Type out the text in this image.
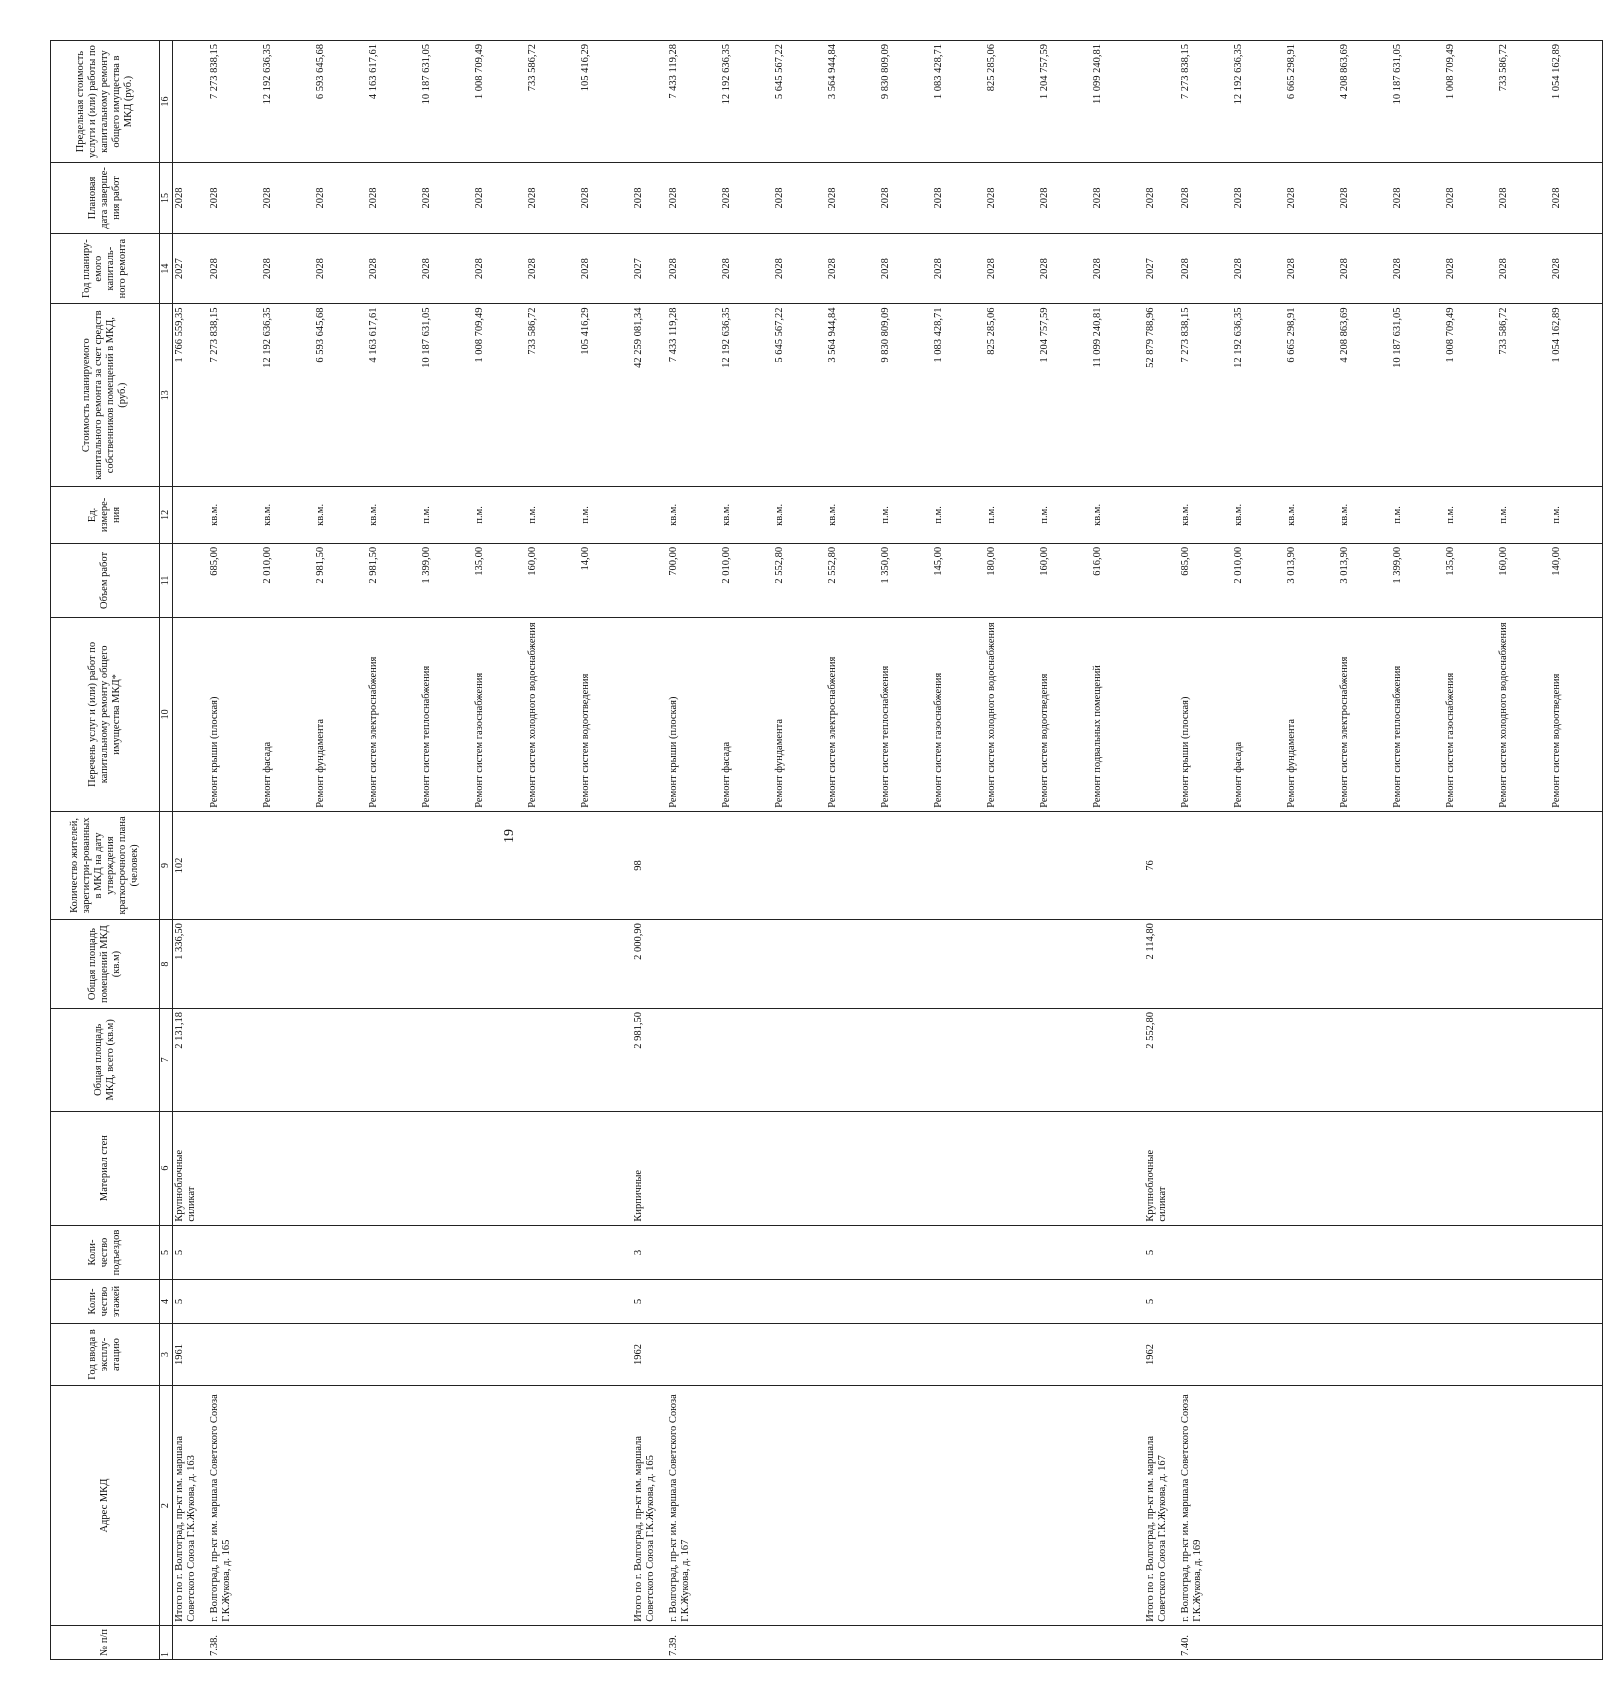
19
№ п/п	Адрес МКД	Год ввода в эксплу-атацию	Коли-чество этажей	Коли-чество подъездов	Материал стен	Общая площадь МКД, всего (кв.м)	Общая площадь помещений МКД (кв.м)	Количество жителей, зарегистри-рованных в МКД на дату утверждения краткосрочного плана (человек)	Перечень услуг и (или) работ по капитальному ремонту общего имущества МКД*	Объем работ	Ед. измере-ния	Стоимость планируемого капитального ремонта за счет средств собственников помещений в МКД, (руб.)	Год планиру-емого капиталь-ного ремонта	Плановая дата заверше-ния работ	Предельная стоимость услуги и (или) работы по капитальному ремонту общего имущества в МКД (руб.)
1	2	3	4	5	6	7	8	9	10	11	12	13	14	15	16
	Итого по г. Волгоград, пр-кт им. маршала Советского Союза Г.К.Жукова, д. 163	1961	5	5	Крупноблочные силикат	2 131,18	1 336,50	102				1 766 559,35	2027	2028	
7.38.	г. Волгоград, пр-кт им. маршала Советского Союза Г.К.Жукова, д. 165								Ремонт крыши (плоская)	685,00	кв.м.	7 273 838,15	2028	2028	7 273 838,15
									Ремонт фасада	2 010,00	кв.м.	12 192 636,35	2028	2028	12 192 636,35
									Ремонт фундамента	2 981,50	кв.м.	6 593 645,68	2028	2028	6 593 645,68
									Ремонт систем электроснабжения	2 981,50	кв.м.	4 163 617,61	2028	2028	4 163 617,61
									Ремонт систем теплоснабжения	1 399,00	п.м.	10 187 631,05	2028	2028	10 187 631,05
									Ремонт систем газоснабжения	135,00	п.м.	1 008 709,49	2028	2028	1 008 709,49
									Ремонт систем холодного водоснабжения	160,00	п.м.	733 586,72	2028	2028	733 586,72
									Ремонт систем водоотведения	14,00	п.м.	105 416,29	2028	2028	105 416,29
	Итого по г. Волгоград, пр-кт им. маршала Советского Союза Г.К.Жукова, д. 165	1962	5	3	Кирпичные	2 981,50	2 000,90	98				42 259 081,34	2027	2028	
7.39.	г. Волгоград, пр-кт им. маршала Советского Союза Г.К.Жукова, д. 167								Ремонт крыши (плоская)	700,00	кв.м.	7 433 119,28	2028	2028	7 433 119,28
									Ремонт фасада	2 010,00	кв.м.	12 192 636,35	2028	2028	12 192 636,35
									Ремонт фундамента	2 552,80	кв.м.	5 645 567,22	2028	2028	5 645 567,22
									Ремонт систем электроснабжения	2 552,80	кв.м.	3 564 944,84	2028	2028	3 564 944,84
									Ремонт систем теплоснабжения	1 350,00	п.м.	9 830 809,09	2028	2028	9 830 809,09
									Ремонт систем газоснабжения	145,00	п.м.	1 083 428,71	2028	2028	1 083 428,71
									Ремонт систем холодного водоснабжения	180,00	п.м.	825 285,06	2028	2028	825 285,06
									Ремонт систем водоотведения	160,00	п.м.	1 204 757,59	2028	2028	1 204 757,59
									Ремонт подвальных помещений	616,00	кв.м.	11 099 240,81	2028	2028	11 099 240,81
	Итого по г. Волгоград, пр-кт им. маршала Советского Союза Г.К.Жукова, д. 167	1962	5	5	Крупноблочные силикат	2 552,80	2 114,80	76				52 879 788,96	2027	2028	
7.40.	г. Волгоград, пр-кт им. маршала Советского Союза Г.К.Жукова, д. 169								Ремонт крыши (плоская)	685,00	кв.м.	7 273 838,15	2028	2028	7 273 838,15
									Ремонт фасада	2 010,00	кв.м.	12 192 636,35	2028	2028	12 192 636,35
									Ремонт фундамента	3 013,90	кв.м.	6 665 298,91	2028	2028	6 665 298,91
									Ремонт систем электроснабжения	3 013,90	кв.м.	4 208 863,69	2028	2028	4 208 863,69
									Ремонт систем теплоснабжения	1 399,00	п.м.	10 187 631,05	2028	2028	10 187 631,05
									Ремонт систем газоснабжения	135,00	п.м.	1 008 709,49	2028	2028	1 008 709,49
									Ремонт систем холодного водоснабжения	160,00	п.м.	733 586,72	2028	2028	733 586,72
									Ремонт систем водоотведения	140,00	п.м.	1 054 162,89	2028	2028	1 054 162,89
